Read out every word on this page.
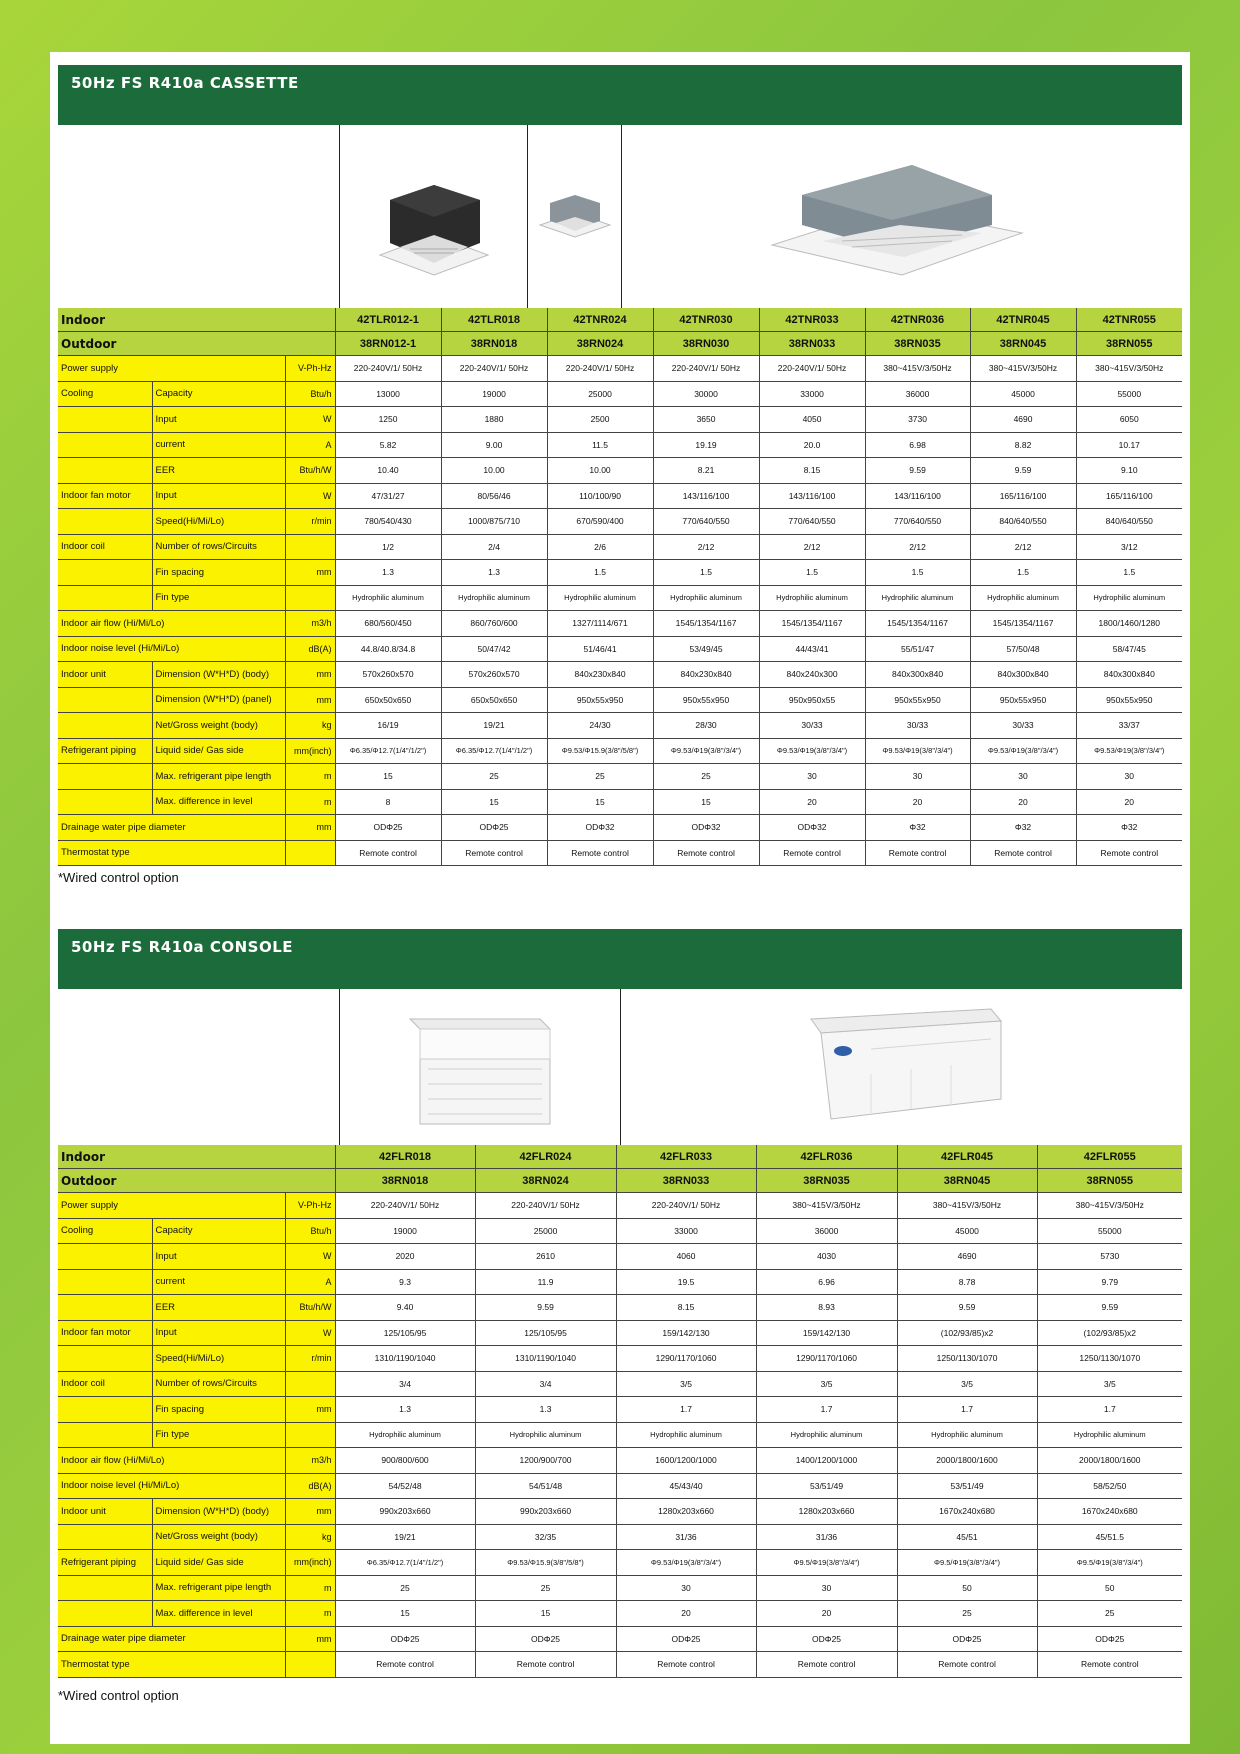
50Hz FS R410a CASSETTE
Indoor			42TLR012-1	42TLR018	42TNR024	42TNR030	42TNR033	42TNR036	42TNR045	42TNR055
Outdoor			38RN012-1	38RN018	38RN024	38RN030	38RN033	38RN035	38RN045	38RN055
Power supply		V-Ph-Hz	220-240V/1/ 50Hz	220-240V/1/ 50Hz	220-240V/1/ 50Hz	220-240V/1/ 50Hz	220-240V/1/ 50Hz	380~415V/3/50Hz	380~415V/3/50Hz	380~415V/3/50Hz
Cooling	Capacity	Btu/h	13000	19000	25000	30000	33000	36000	45000	55000
	Input	W	1250	1880	2500	3650	4050	3730	4690	6050
	current	A	5.82	9.00	11.5	19.19	20.0	6.98	8.82	10.17
	EER	Btu/h/W	10.40	10.00	10.00	8.21	8.15	9.59	9.59	9.10
Indoor fan motor	Input	W	47/31/27	80/56/46	110/100/90	143/116/100	143/116/100	143/116/100	165/116/100	165/116/100
	Speed(Hi/Mi/Lo)	r/min	780/540/430	1000/875/710	670/590/400	770/640/550	770/640/550	770/640/550	840/640/550	840/640/550
Indoor coil	Number of rows/Circuits		1/2	2/4	2/6	2/12	2/12	2/12	2/12	3/12
	Fin spacing	mm	1.3	1.3	1.5	1.5	1.5	1.5	1.5	1.5
	Fin type		Hydrophilic aluminum	Hydrophilic aluminum	Hydrophilic aluminum	Hydrophilic aluminum	Hydrophilic aluminum	Hydrophilic aluminum	Hydrophilic aluminum	Hydrophilic aluminum
Indoor air flow (Hi/Mi/Lo)		m3/h	680/560/450	860/760/600	1327/1114/671	1545/1354/1167	1545/1354/1167	1545/1354/1167	1545/1354/1167	1800/1460/1280
Indoor noise level (Hi/Mi/Lo)		dB(A)	44.8/40.8/34.8	50/47/42	51/46/41	53/49/45	44/43/41	55/51/47	57/50/48	58/47/45
Indoor unit	Dimension (W*H*D) (body)	mm	570x260x570	570x260x570	840x230x840	840x230x840	840x240x300	840x300x840	840x300x840	840x300x840
	Dimension (W*H*D) (panel)	mm	650x50x650	650x50x650	950x55x950	950x55x950	950x950x55	950x55x950	950x55x950	950x55x950
	Net/Gross weight (body)	kg	16/19	19/21	24/30	28/30	30/33	30/33	30/33	33/37
Refrigerant piping	Liquid side/ Gas side	mm(inch)	Φ6.35/Φ12.7(1/4"/1/2")	Φ6.35/Φ12.7(1/4"/1/2")	Φ9.53/Φ15.9(3/8"/5/8")	Φ9.53/Φ19(3/8"/3/4")	Φ9.53/Φ19(3/8"/3/4")	Φ9.53/Φ19(3/8"/3/4")	Φ9.53/Φ19(3/8"/3/4")	Φ9.53/Φ19(3/8"/3/4")
	Max. refrigerant pipe length	m	15	25	25	25	30	30	30	30
	Max. difference in level	m	8	15	15	15	20	20	20	20
Drainage water pipe diameter		mm	ODΦ25	ODΦ25	ODΦ32	ODΦ32	ODΦ32	Φ32	Φ32	Φ32
Thermostat type			Remote control	Remote control	Remote control	Remote control	Remote control	Remote control	Remote control	Remote control
*Wired control option
50Hz FS R410a CONSOLE
Indoor			42FLR018	42FLR024	42FLR033	42FLR036	42FLR045	42FLR055
Outdoor			38RN018	38RN024	38RN033	38RN035	38RN045	38RN055
Power supply		V-Ph-Hz	220-240V/1/ 50Hz	220-240V/1/ 50Hz	220-240V/1/ 50Hz	380~415V/3/50Hz	380~415V/3/50Hz	380~415V/3/50Hz
Cooling	Capacity	Btu/h	19000	25000	33000	36000	45000	55000
	Input	W	2020	2610	4060	4030	4690	5730
	current	A	9.3	11.9	19.5	6.96	8.78	9.79
	EER	Btu/h/W	9.40	9.59	8.15	8.93	9.59	9.59
Indoor fan motor	Input	W	125/105/95	125/105/95	159/142/130	159/142/130	(102/93/85)x2	(102/93/85)x2
	Speed(Hi/Mi/Lo)	r/min	1310/1190/1040	1310/1190/1040	1290/1170/1060	1290/1170/1060	1250/1130/1070	1250/1130/1070
Indoor coil	Number of rows/Circuits		3/4	3/4	3/5	3/5	3/5	3/5
	Fin spacing	mm	1.3	1.3	1.7	1.7	1.7	1.7
	Fin type		Hydrophilic aluminum	Hydrophilic aluminum	Hydrophilic aluminum	Hydrophilic aluminum	Hydrophilic aluminum	Hydrophilic aluminum
Indoor air flow (Hi/Mi/Lo)		m3/h	900/800/600	1200/900/700	1600/1200/1000	1400/1200/1000	2000/1800/1600	2000/1800/1600
Indoor noise level (Hi/Mi/Lo)		dB(A)	54/52/48	54/51/48	45/43/40	53/51/49	53/51/49	58/52/50
Indoor unit	Dimension (W*H*D) (body)	mm	990x203x660	990x203x660	1280x203x660	1280x203x660	1670x240x680	1670x240x680
	Net/Gross weight (body)	kg	19/21	32/35	31/36	31/36	45/51	45/51.5
Refrigerant piping	Liquid side/ Gas side	mm(inch)	Φ6.35/Φ12.7(1/4"/1/2")	Φ9.53/Φ15.9(3/8"/5/8")	Φ9.53/Φ19(3/8"/3/4")	Φ9.5/Φ19(3/8"/3/4")	Φ9.5/Φ19(3/8"/3/4")	Φ9.5/Φ19(3/8"/3/4")
	Max. refrigerant pipe length	m	25	25	30	30	50	50
	Max. difference in level	m	15	15	20	20	25	25
Drainage water pipe diameter		mm	ODΦ25	ODΦ25	ODΦ25	ODΦ25	ODΦ25	ODΦ25
Thermostat type			Remote control	Remote control	Remote control	Remote control	Remote control	Remote control
*Wired control option
